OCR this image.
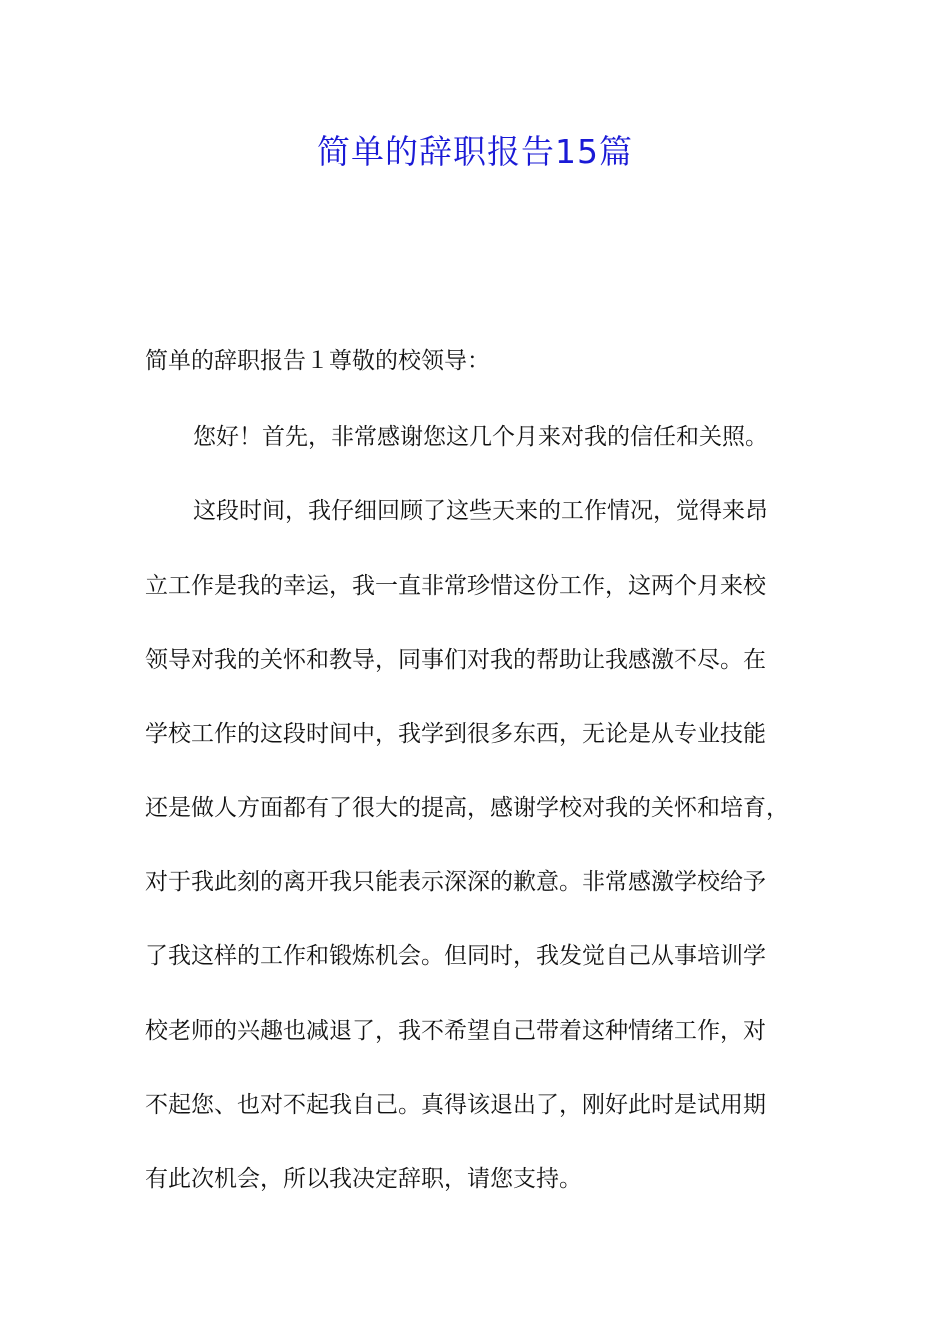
简单的辞职报告15篇

简单的辞职报告１尊敬的校领导：

您好！首先，非常感谢您这几个月来对我的信任和关照。

这段时间，我仔细回顾了这些天来的工作情况，觉得来昂

立工作是我的幸运，我一直非常珍惜这份工作，这两个月来校

领导对我的关怀和教导，同事们对我的帮助让我感激不尽。在

学校工作的这段时间中，我学到很多东西，无论是从专业技能

还是做人方面都有了很大的提高，感谢学校对我的关怀和培育，

对于我此刻的离开我只能表示深深的歉意。非常感激学校给予

了我这样的工作和锻炼机会。但同时，我发觉自己从事培训学

校老师的兴趣也减退了，我不希望自己带着这种情绪工作，对

不起您、也对不起我自己。真得该退出了，刚好此时是试用期

有此次机会，所以我决定辞职，请您支持。
